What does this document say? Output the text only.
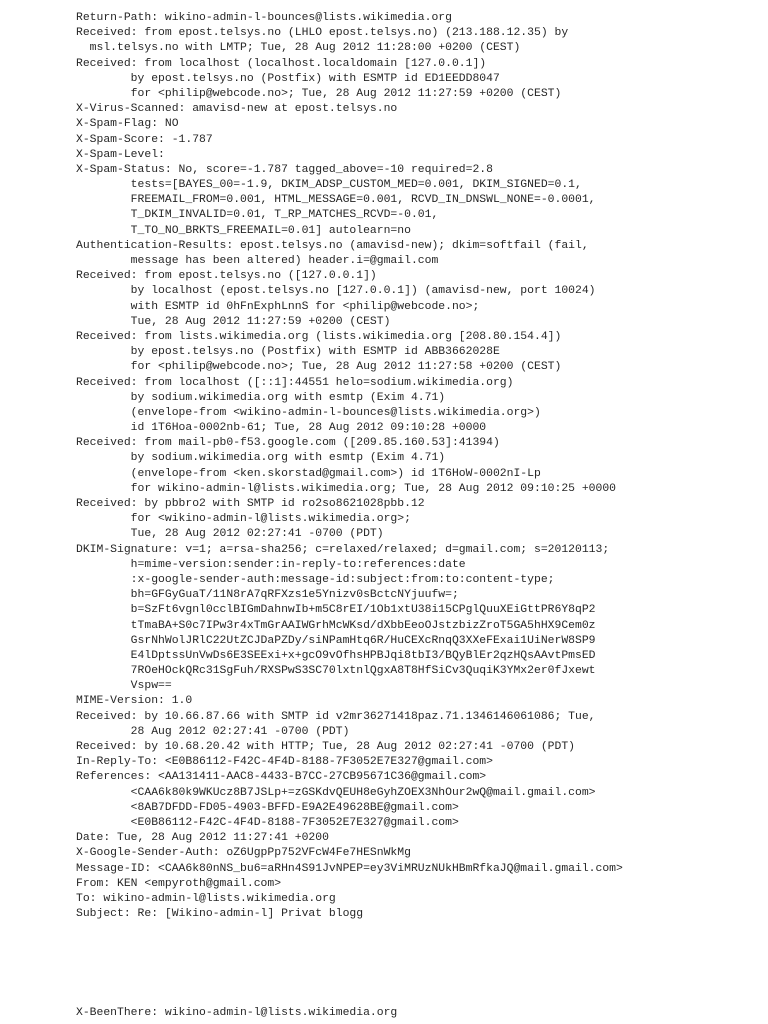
Return-Path: wikino-admin-l-bounces@lists.wikimedia.org
Received: from epost.telsys.no (LHLO epost.telsys.no) (213.188.12.35) by
msl.telsys.no with LMTP; Tue, 28 Aug 2012 11:28:00 +0200 (CEST)
Received: from localhost (localhost.localdomain [127.0.0.1])
by epost.telsys.no (Postfix) with ESMTP id ED1EEDD8047
for <philip@webcode.no>; Tue, 28 Aug 2012 11:27:59 +0200 (CEST)
X-Virus-Scanned: amavisd-new at epost.telsys.no
X-Spam-Flag: NO
X-Spam-Score: -1.787
X-Spam-Level:
X-Spam-Status: No, score=-1.787 tagged_above=-10 required=2.8
tests=[BAYES_00=-1.9, DKIM_ADSP_CUSTOM_MED=0.001, DKIM_SIGNED=0.1,
FREEMAIL_FROM=0.001, HTML_MESSAGE=0.001, RCVD_IN_DNSWL_NONE=-0.0001,
T_DKIM_INVALID=0.01, T_RP_MATCHES_RCVD=-0.01,
T_TO_NO_BRKTS_FREEMAIL=0.01] autolearn=no
Authentication-Results: epost.telsys.no (amavisd-new); dkim=softfail (fail,
message has been altered) header.i=@gmail.com
Received: from epost.telsys.no ([127.0.0.1])
by localhost (epost.telsys.no [127.0.0.1]) (amavisd-new, port 10024)
with ESMTP id 0hFnExphLnnS for <philip@webcode.no>;
Tue, 28 Aug 2012 11:27:59 +0200 (CEST)
Received: from lists.wikimedia.org (lists.wikimedia.org [208.80.154.4])
by epost.telsys.no (Postfix) with ESMTP id ABB3662028E
for <philip@webcode.no>; Tue, 28 Aug 2012 11:27:58 +0200 (CEST)
Received: from localhost ([::1]:44551 helo=sodium.wikimedia.org)
by sodium.wikimedia.org with esmtp (Exim 4.71)
(envelope-from <wikino-admin-l-bounces@lists.wikimedia.org>)
id 1T6Hoa-0002nb-61; Tue, 28 Aug 2012 09:10:28 +0000
Received: from mail-pb0-f53.google.com ([209.85.160.53]:41394)
by sodium.wikimedia.org with esmtp (Exim 4.71)
(envelope-from <ken.skorstad@gmail.com>) id 1T6HoW-0002nI-Lp
for wikino-admin-l@lists.wikimedia.org; Tue, 28 Aug 2012 09:10:25 +0000
Received: by pbbro2 with SMTP id ro2so8621028pbb.12
for <wikino-admin-l@lists.wikimedia.org>;
Tue, 28 Aug 2012 02:27:41 -0700 (PDT)
DKIM-Signature: v=1; a=rsa-sha256; c=relaxed/relaxed; d=gmail.com; s=20120113;
h=mime-version:sender:in-reply-to:references:date
:x-google-sender-auth:message-id:subject:from:to:content-type;
bh=GFGyGuaT/11N8rA7qRFXzs1e5Ynizv0sBctcNYjuufw=;
b=SzFt6vgnl0cclBIGmDahnwIb+m5C8rEI/1Ob1xtU38i15CPglQuuXEiGttPR6Y8qP2
tTmaBA+S0c7IPw3r4xTmGrAAIWGrhMcWKsd/dXbbEeoOJstzbizZroT5GA5hHX9Cem0z
GsrNhWolJRlC22UtZCJDaPZDy/siNPamHtq6R/HuCEXcRnqQ3XXeFExai1UiNerW8SP9
E4lDptssUnVwDs6E3SEExi+x+gcO9vOfhsHPBJqi8tbI3/BQyBlEr2qzHQsAAvtPmsED
7ROeHOckQRc31SgFuh/RXSPwS3SC70lxtnlQgxA8T8HfSiCv3QuqiK3YMx2er0fJxewt
Vspw==
MIME-Version: 1.0
Received: by 10.66.87.66 with SMTP id v2mr36271418paz.71.1346146061086; Tue,
28 Aug 2012 02:27:41 -0700 (PDT)
Received: by 10.68.20.42 with HTTP; Tue, 28 Aug 2012 02:27:41 -0700 (PDT)
In-Reply-To: <E0B86112-F42C-4F4D-8188-7F3052E7E327@gmail.com>
References: <AA131411-AAC8-4433-B7CC-27CB95671C36@gmail.com>
<CAA6k80k9WKUcz8B7JSLp+=zGSKdvQEUH8eGyhZOEX3NhOur2wQ@mail.gmail.com>
<8AB7DFDD-FD05-4903-BFFD-E9A2E49628BE@gmail.com>
<E0B86112-F42C-4F4D-8188-7F3052E7E327@gmail.com>
Date: Tue, 28 Aug 2012 11:27:41 +0200
X-Google-Sender-Auth: oZ6UgpPp752VFcW4Fe7HESnWkMg
Message-ID: <CAA6k80nNS_bu6=aRHn4S91JvNPEP=ey3ViMRUzNUkHBmRfkaJQ@mail.gmail.com>
From: KEN <empyroth@gmail.com>
To: wikino-admin-l@lists.wikimedia.org
Subject: Re: [Wikino-admin-l] Privat blogg
X-BeenThere: wikino-admin-l@lists.wikimedia.org
